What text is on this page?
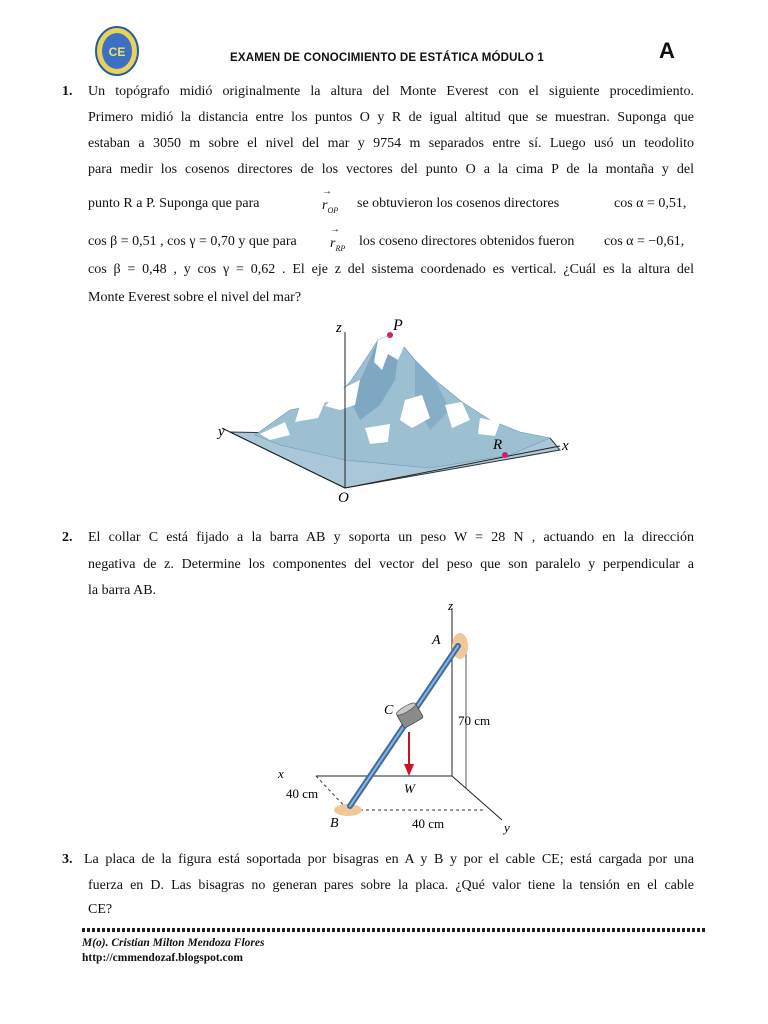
CE	EXAMEN DE CONOCIMIENTO DE ESTÁTICA MÓDULO 1	A
1. Un topógrafo midió originalmente la altura del Monte Everest con el siguiente procedimiento.
Primero midió la distancia entre los puntos O y R de igual altitud que se muestran. Suponga que
estaban a 3050 m sobre el nivel del mar y 9754 m separados entre sí. Luego usó un teodolito
para medir los cosenos directores de los vectores del punto O a la cima P de la montaña y del
punto R a P. Suponga que para	→ $r_{OP}$ se obtuvieron los cosenos directores	cos α = 0,51,
cos β = 0,51 , cos γ = 0,70 y que para → $r_{RP}$ los coseno directores obtenidos fueron cos α = −0,61,
cos β = 0,48 , y cos γ = 0,62 . El eje z del sistema coordenado es vertical. ¿Cuál es la altura del
Monte Everest sobre el nivel del mar?
z	P
y
R	x
O
2. El collar C está fijado a la barra AB y soporta un peso W = 28 N , actuando en la dirección
negativa de z. Determine los componentes del vector del peso que son paralelo y perpendicular a
la barra AB.
z
A
C
W
x
B	y
70 cm
40 cm
40 cm
3. La placa de la figura está soportada por bisagras en A y B y por el cable CE; está cargada por una
fuerza en D. Las bisagras no generan pares sobre la placa. ¿Qué valor tiene la tensión en el cable
CE?
M(o). Cristian Milton Mendoza Flores
http://cmmendozaf.blogspot.com
